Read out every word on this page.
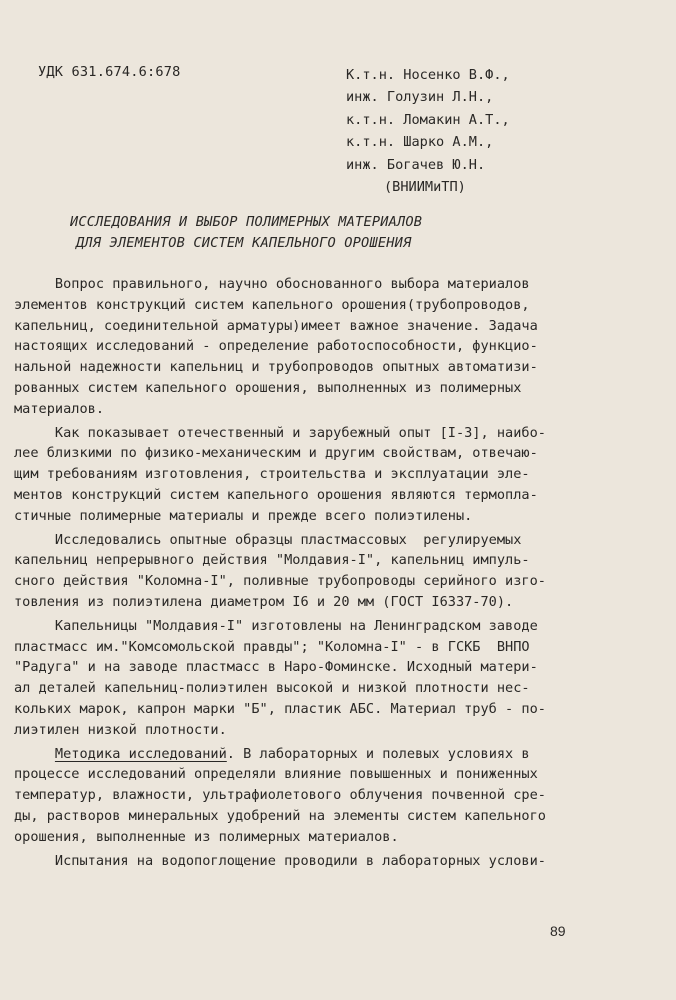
УДК 631.674.6:678	К.т.н. Носенко В.Ф.,
инж. Голузин Л.Н.,
к.т.н. Ломакин А.Т.,
к.т.н. Шарко А.М.,
инж. Богачев Ю.Н.
(ВНИИМиТП)
ИССЛЕДОВАНИЯ И ВЫБОР ПОЛИМЕРНЫХ МАТЕРИАЛОВ
ДЛЯ ЭЛЕМЕНТОВ СИСТЕМ КАПЕЛЬНОГО ОРОШЕНИЯ
Вопрос правильного, научно обоснованного выбора материалов
элементов конструкций систем капельного орошения(трубопроводов,
капельниц, соединительной арматуры)имеет важное значение. Задача
настоящих исследований - определение работоспособности, функцио-
нальной надежности капельниц и трубопроводов опытных автоматизи-
рованных систем капельного орошения, выполненных из полимерных
материалов.
Как показывает отечественный и зарубежный опыт [I-3], наибо-
лее близкими по физико-механическим и другим свойствам, отвечаю-
щим требованиям изготовления, строительства и эксплуатации эле-
ментов конструкций систем капельного орошения являются термопла-
стичные полимерные материалы и прежде всего полиэтилены.
Исследовались опытные образцы пластмассовых  регулируемых
капельниц непрерывного действия "Молдавия-I", капельниц импуль-
сного действия "Коломна-I", поливные трубопроводы серийного изго-
товления из полиэтилена диаметром I6 и 20 мм (ГОСТ I6337-70).
Капельницы "Молдавия-I" изготовлены на Ленинградском заводе
пластмасс им."Комсомольской правды"; "Коломна-I" - в ГСКБ  ВНПО
"Радуга" и на заводе пластмасс в Наро-Фоминске. Исходный матери-
ал деталей капельниц-полиэтилен высокой и низкой плотности нес-
кольких марок, капрон марки "Б", пластик АБС. Материал труб - по-
лиэтилен низкой плотности.
Методика исследований. В лабораторных и полевых условиях в
процессе исследований определяли влияние повышенных и пониженных
температур, влажности, ультрафиолетового облучения почвенной сре-
ды, растворов минеральных удобрений на элементы систем капельного
орошения, выполненные из полимерных материалов.
Испытания на водопоглощение проводили в лабораторных услови-
89
